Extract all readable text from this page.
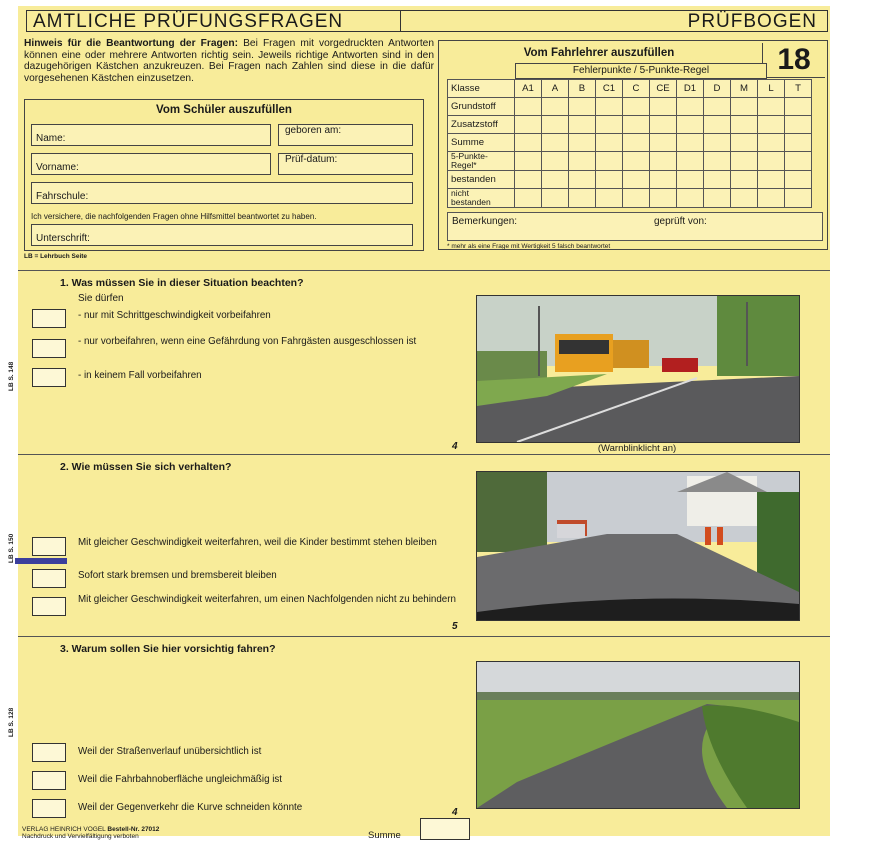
AMTLICHE PRÜFUNGSFRAGEN	PRÜFBOGEN
Hinweis für die Beantwortung der Fragen: Bei Fragen mit vorgedruckten Antworten können eine oder mehrere Antworten richtig sein. Jeweils richtige Antworten sind in den dazugehörigen Kästchen anzukreuzen. Bei Fragen nach Zahlen sind diese in die dafür vorgesehenen Kästchen einzusetzen.
Vom Schüler auszufüllen
Name:
geboren am:
Vorname:
Prüf-datum:
Fahrschule:
Ich versichere, die nachfolgenden Fragen ohne Hilfsmittel beantwortet zu haben.
Unterschrift:
Vom Fahrlehrer auszufüllen	18
Fehlerpunkte / 5-Punkte-Regel
Klasse	A1	A	B	C1	C	CE	D1	D	M	L	T
Grundstoff											
Zusatzstoff											
Summe											
5-Punkte-Regel*											
bestanden											
nicht bestanden											
Bemerkungen:	geprüft von:
* mehr als eine Frage mit Wertigkeit 5 falsch beantwortet
LB = Lehrbuch Seite
1. Was müssen Sie in dieser Situation beachten?
Sie dürfen
LB S. 148
- nur mit Schrittgeschwindigkeit vorbeifahren
- nur vorbeifahren, wenn eine Gefährdung von Fahrgästen ausgeschlossen ist
- in keinem Fall vorbeifahren
4	(Warnblinklicht an)
2. Wie müssen Sie sich verhalten?
LB S. 150	Mit gleicher Geschwindigkeit weiterfahren, weil die Kinder bestimmt stehen bleiben
Sofort stark bremsen und bremsbereit bleiben
Mit gleicher Geschwindigkeit weiterfahren, um einen Nachfolgenden nicht zu behindern
5
3. Warum sollen Sie hier vorsichtig fahren?
LB S. 128
Weil der Straßenverlauf unübersichtlich ist
Weil die Fahrbahnoberfläche ungleichmäßig ist
Weil der Gegenverkehr die Kurve schneiden könnte	4
VERLAG HEINRICH VOGEL Bestell-Nr. 27012
Nachdruck und Vervielfältigung verboten	Summe
